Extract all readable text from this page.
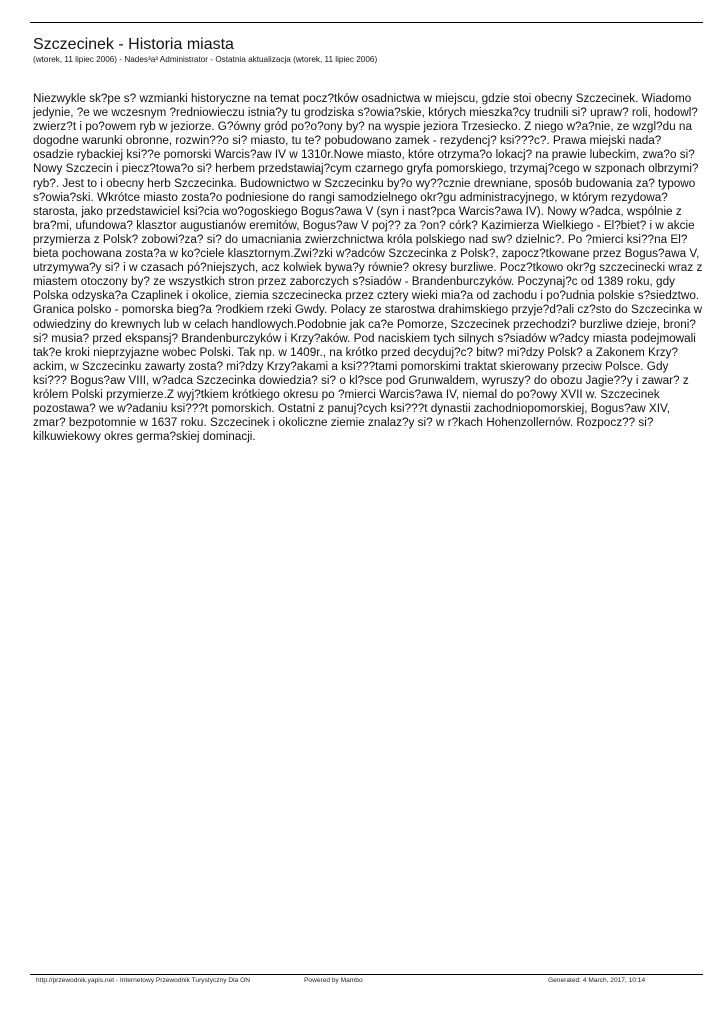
Szczecinek - Historia miasta
(wtorek, 11 lipiec 2006) - Nades³a³ Administrator - Ostatnia aktualizacja (wtorek, 11 lipiec 2006)

Niezwykle sk?pe s? wzmianki historyczne na temat pocz?tków osadnictwa w miejscu, gdzie stoi obecny Szczecinek. Wiadomo jedynie, ?e we wczesnym ?redniowieczu istnia?y tu grodziska s?owia?skie, których mieszka?cy trudnili si? upraw? roli, hodowl? zwierz?t i po?owem ryb w jeziorze. G?ówny gród po?o?ony by? na wyspie jeziora Trzesiecko. Z niego w?a?nie, ze wzgl?du na dogodne warunki obronne, rozwin??o si? miasto, tu te? pobudowano zamek - rezydencj? ksi???c?. Prawa miejski nada? osadzie rybackiej ksi??e pomorski Warcis?aw IV w 1310r.Nowe miasto, które otrzyma?o lokacj? na prawie lubeckim, zwa?o si? Nowy Szczecin i piecz?towa?o si? herbem przedstawiaj?cym czarnego gryfa pomorskiego, trzymaj?cego w szponach olbrzymi? ryb?. Jest to i obecny herb Szczecinka. Budownictwo w Szczecinku by?o wy??cznie drewniane, sposób budowania za? typowo s?owia?ski. Wkrótce miasto zosta?o podniesione do rangi samodzielnego okr?gu administracyjnego, w którym rezydowa? starosta, jako przedstawiciel ksi?cia wo?ogoskiego Bogus?awa V (syn i nast?pca Warcis?awa IV). Nowy w?adca, wspólnie z bra?mi, ufundowa? klasztor augustianów eremitów, Bogus?aw V poj?? za ?on? córk? Kazimierza Wielkiego - El?biet? i w akcie przymierza z Polsk? zobowi?za? si? do umacniania zwierzchnictwa króla polskiego nad sw? dzielnic?. Po ?mierci ksi??na El?bieta pochowana zosta?a w ko?ciele klasztornym.Zwi?zki w?adców Szczecinka z Polsk?, zapocz?tkowane przez Bogus?awa V, utrzymywa?y si? i w czasach pó?niejszych, acz kolwiek bywa?y równie? okresy burzliwe. Pocz?tkowo okr?g szczecinecki wraz z miastem otoczony by? ze wszystkich stron przez zaborczych s?siadów - Brandenburczyków. Poczynaj?c od 1389 roku, gdy Polska odzyska?a Czaplinek i okolice, ziemia szczecinecka przez cztery wieki mia?a od zachodu i po?udnia polskie s?siedztwo. Granica polsko - pomorska bieg?a ?rodkiem rzeki Gwdy. Polacy ze starostwa drahimskiego przyje?d?ali cz?sto do Szczecinka w odwiedziny do krewnych lub w celach handlowych.Podobnie jak ca?e Pomorze, Szczecinek przechodzi? burzliwe dzieje, broni? si? musia? przed ekspansj? Brandenburczyków i Krzy?aków. Pod naciskiem tych silnych s?siadów w?adcy miasta podejmowali tak?e kroki nieprzyjazne wobec Polski. Tak np. w 1409r., na krótko przed decyduj?c? bitw? mi?dzy Polsk? a Zakonem Krzy?ackim, w Szczecinku zawarty zosta? mi?dzy Krzy?akami a ksi???tami pomorskimi traktat skierowany przeciw Polsce. Gdy ksi??? Bogus?aw VIII, w?adca Szczecinka dowiedzia? si? o kl?sce pod Grunwaldem, wyruszy? do obozu Jagie??y i zawar? z królem Polski przymierze.Z wyj?tkiem krótkiego okresu po ?mierci Warcis?awa IV, niemal do po?owy XVII w. Szczecinek pozostawa? we w?adaniu ksi???t pomorskich. Ostatni z panuj?cych ksi???t dynastii zachodniopomorskiej, Bogus?aw XIV, zmar? bezpotomnie w 1637 roku. Szczecinek i okoliczne ziemie znalaz?y si? w r?kach Hohenzollernów. Rozpocz?? si? kilkuwiekowy okres germa?skiej dominacji.

http://przewodnik.yapis.net - Internetowy Przewodnik Turystyczny Dla ON	Powered by Mambo	Generated: 4 March, 2017, 10:14
